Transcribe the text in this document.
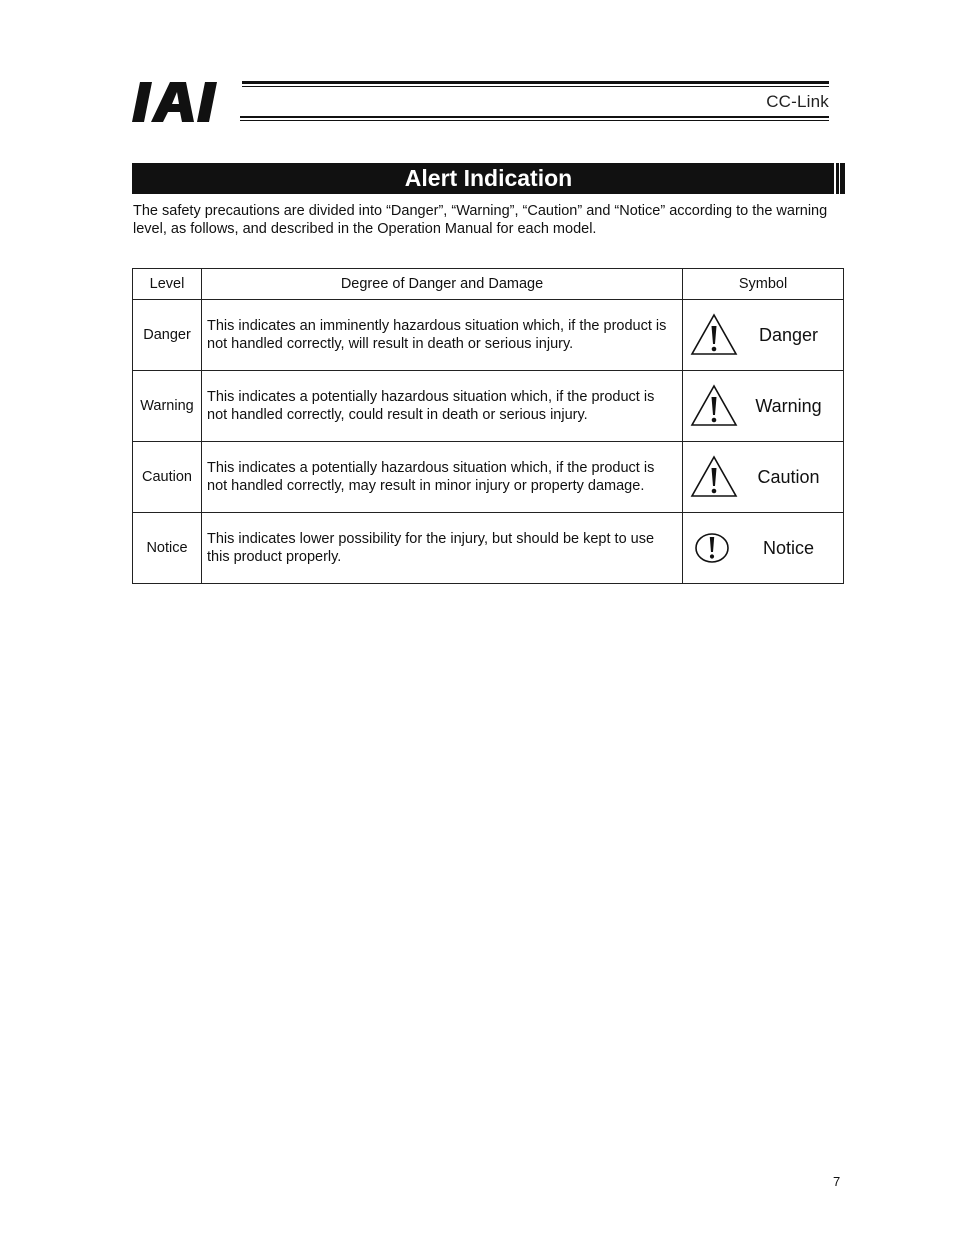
CC-Link
Alert Indication
The safety precautions are divided into “Danger”, “Warning”, “Caution” and “Notice” according to the warning level, as follows, and described in the Operation Manual for each model.
Level	Degree of Danger and Damage	Symbol
Danger	This indicates an imminently hazardous situation which, if the product is not handled correctly, will result in death or serious injury.	Danger

Warning	This indicates a potentially hazardous situation which, if the product is not handled correctly, could result in death or serious injury.	Warning

Caution	This indicates a potentially hazardous situation which, if the product is not handled correctly, may result in minor injury or property damage.	Caution

Notice	This indicates lower possibility for the injury, but should be kept to use this product properly.	Notice
7
